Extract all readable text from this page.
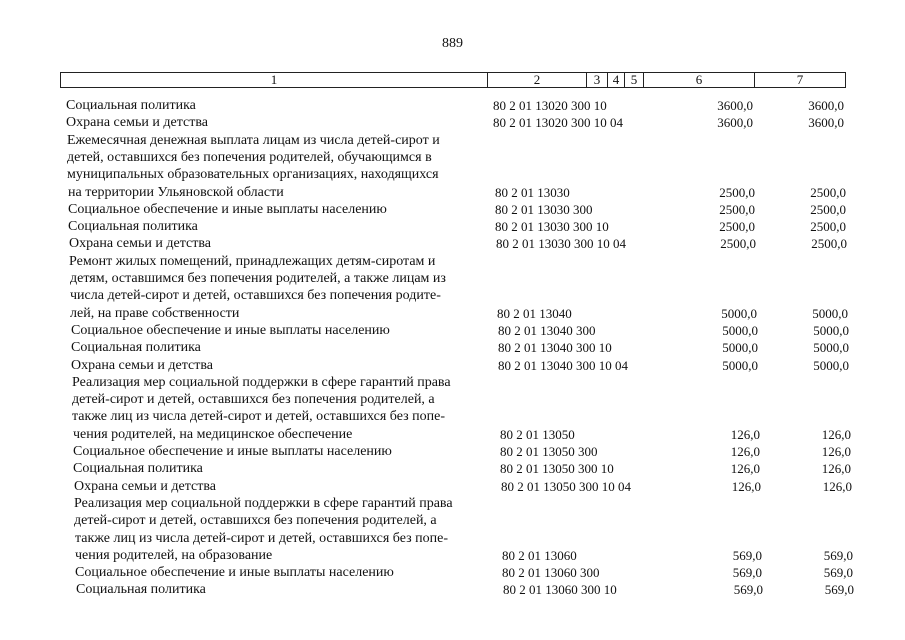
889
1	2	3 4 5	6	7
Социальная политика	80 2 01 13020 300 10	3600,0	3600,0
Охрана семьи и детства	80 2 01 13020 300 10 04	3600,0	3600,0
Ежемесячная денежная выплата лицам из числа детей-сирот и
детей, оставшихся без попечения родителей, обучающимся в
муниципальных образовательных организациях, находящихся
на территории Ульяновской области	80 2 01 13030	2500,0	2500,0
Социальное обеспечение и иные выплаты населению	80 2 01 13030 300	2500,0	2500,0
Социальная политика	80 2 01 13030 300 10	2500,0	2500,0
Охрана семьи и детства	80 2 01 13030 300 10 04	2500,0	2500,0
Ремонт жилых помещений, принадлежащих детям-сиротам и
детям, оставшимся без попечения родителей, а также лицам из
числа детей-сирот и детей, оставшихся без попечения родите-
лей, на праве собственности	80 2 01 13040	5000,0	5000,0
Социальное обеспечение и иные выплаты населению	80 2 01 13040 300	5000,0	5000,0
Социальная политика	80 2 01 13040 300 10	5000,0	5000,0
Охрана семьи и детства	80 2 01 13040 300 10 04	5000,0	5000,0
Реализация мер социальной поддержки в сфере гарантий права
детей-сирот и детей, оставшихся без попечения родителей, а
также лиц из числа детей-сирот и детей, оставшихся без попе-
чения родителей, на медицинское обеспечение	80 2 01 13050	126,0	126,0
Социальное обеспечение и иные выплаты населению	80 2 01 13050 300	126,0	126,0
Социальная политика	80 2 01 13050 300 10	126,0	126,0
Охрана семьи и детства	80 2 01 13050 300 10 04	126,0	126,0
Реализация мер социальной поддержки в сфере гарантий права
детей-сирот и детей, оставшихся без попечения родителей, а
также лиц из числа детей-сирот и детей, оставшихся без попе-
чения родителей, на образование	80 2 01 13060	569,0	569,0
Социальное обеспечение и иные выплаты населению	80 2 01 13060 300	569,0	569,0
Социальная политика	80 2 01 13060 300 10	569,0	569,0
